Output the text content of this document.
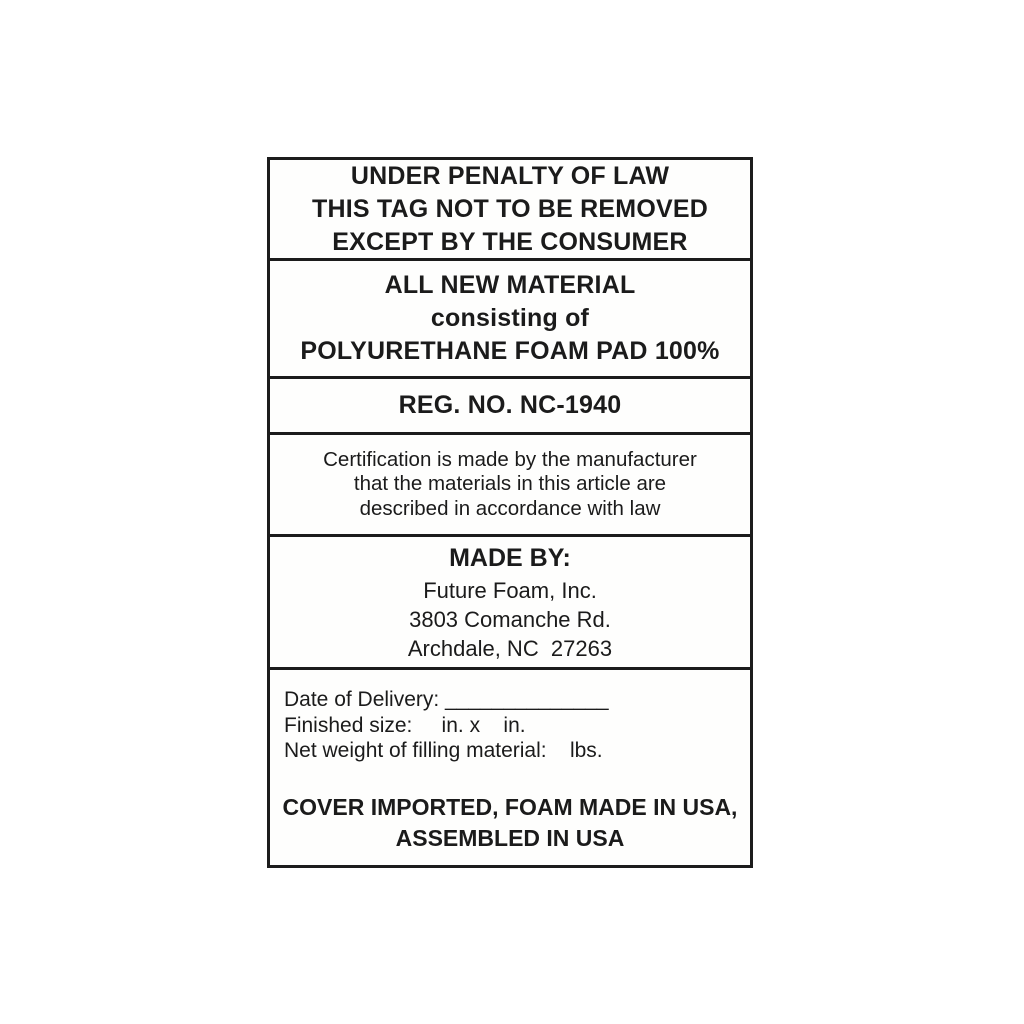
UNDER PENALTY OF LAW
THIS TAG NOT TO BE REMOVED
EXCEPT BY THE CONSUMER
ALL NEW MATERIAL
consisting of
POLYURETHANE FOAM PAD 100%
REG. NO. NC-1940
Certification is made by the manufacturer
that the materials in this article are
described in accordance with law
MADE BY:
Future Foam, Inc.
3803 Comanche Rd.
Archdale, NC  27263
Date of Delivery: ______________
Finished size:     in. x    in.
Net weight of filling material:    lbs.
COVER IMPORTED, FOAM MADE IN USA,
ASSEMBLED IN USA
